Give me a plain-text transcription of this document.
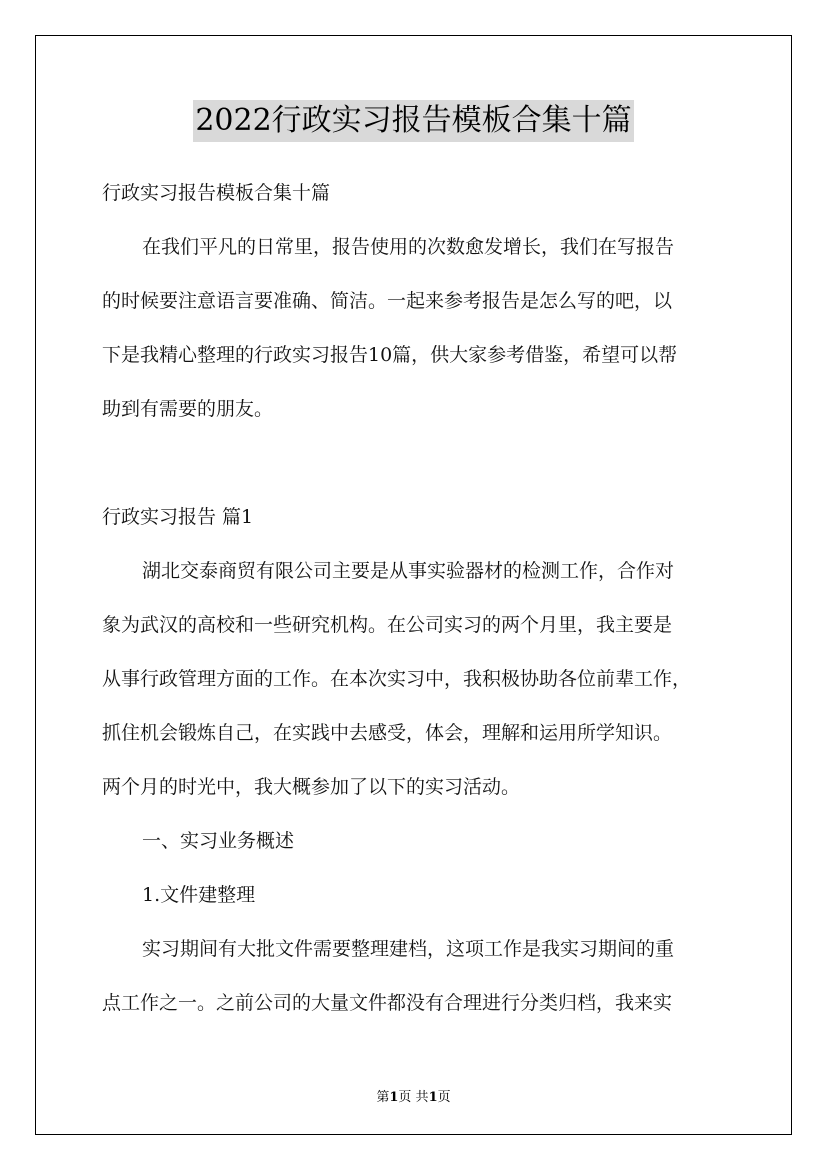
2022行政实习报告模板合集十篇

行政实习报告模板合集十篇

在我们平凡的日常里，报告使用的次数愈发增长，我们在写报告

的时候要注意语言要准确、简洁。一起来参考报告是怎么写的吧，以

下是我精心整理的行政实习报告10篇，供大家参考借鉴，希望可以帮

助到有需要的朋友。

行政实习报告 篇1

湖北交泰商贸有限公司主要是从事实验器材的检测工作，合作对

象为武汉的高校和一些研究机构。在公司实习的两个月里，我主要是

从事行政管理方面的工作。在本次实习中，我积极协助各位前辈工作，

抓住机会锻炼自己，在实践中去感受，体会，理解和运用所学知识。

两个月的时光中，我大概参加了以下的实习活动。

一、实习业务概述

1.文件建整理

实习期间有大批文件需要整理建档，这项工作是我实习期间的重

点工作之一。之前公司的大量文件都没有合理进行分类归档，我来实

第1页 共1页
